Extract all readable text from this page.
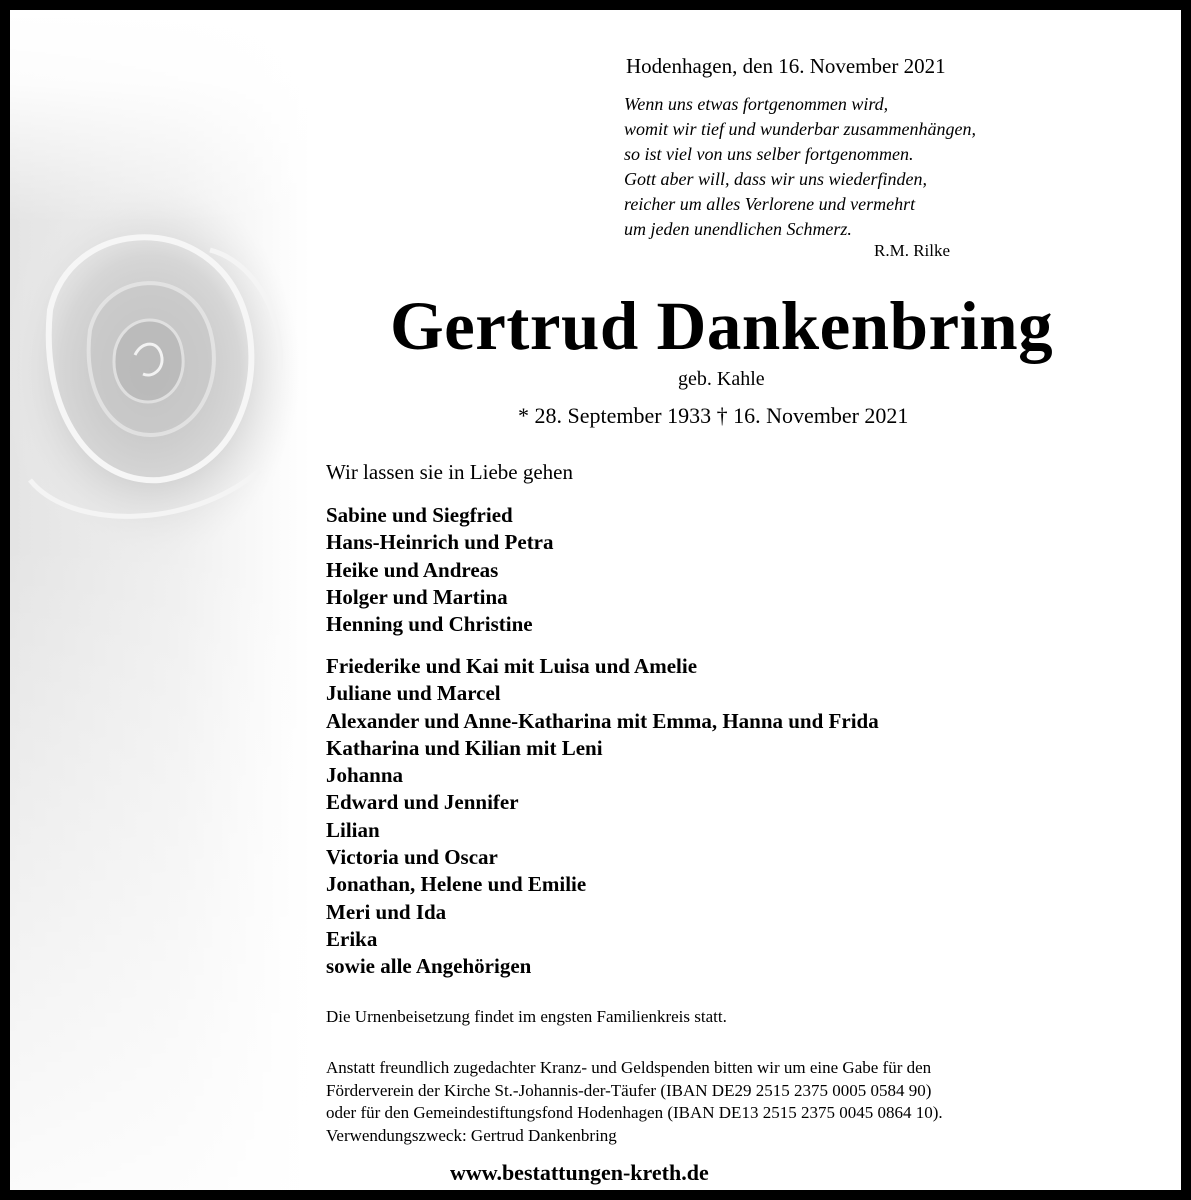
Hodenhagen, den 16. November 2021
Wenn uns etwas fortgenommen wird,
womit wir tief und wunderbar zusammenhängen,
so ist viel von uns selber fortgenommen.
Gott aber will, dass wir uns wiederfinden,
reicher um alles Verlorene und vermehrt
um jeden unendlichen Schmerz.
R.M. Rilke
Gertrud Dankenbring
geb. Kahle
* 28. September 1933 † 16. November 2021
Wir lassen sie in Liebe gehen
Sabine und Siegfried
Hans-Heinrich und Petra
Heike und Andreas
Holger und Martina
Henning und Christine
Friederike und Kai mit Luisa und Amelie
Juliane und Marcel
Alexander und Anne-Katharina mit Emma, Hanna und Frida
Katharina und Kilian mit Leni
Johanna
Edward und Jennifer
Lilian
Victoria und Oscar
Jonathan, Helene und Emilie
Meri und Ida
Erika
sowie alle Angehörigen
Die Urnenbeisetzung findet im engsten Familienkreis statt.
Anstatt freundlich zugedachter Kranz- und Geldspenden bitten wir um eine Gabe für den
Förderverein der Kirche St.-Johannis-der-Täufer (IBAN DE29 2515 2375 0005 0584 90)
oder für den Gemeindestiftungsfond Hodenhagen (IBAN DE13 2515 2375 0045 0864 10).
Verwendungszweck: Gertrud Dankenbring
www.bestattungen-kreth.de
